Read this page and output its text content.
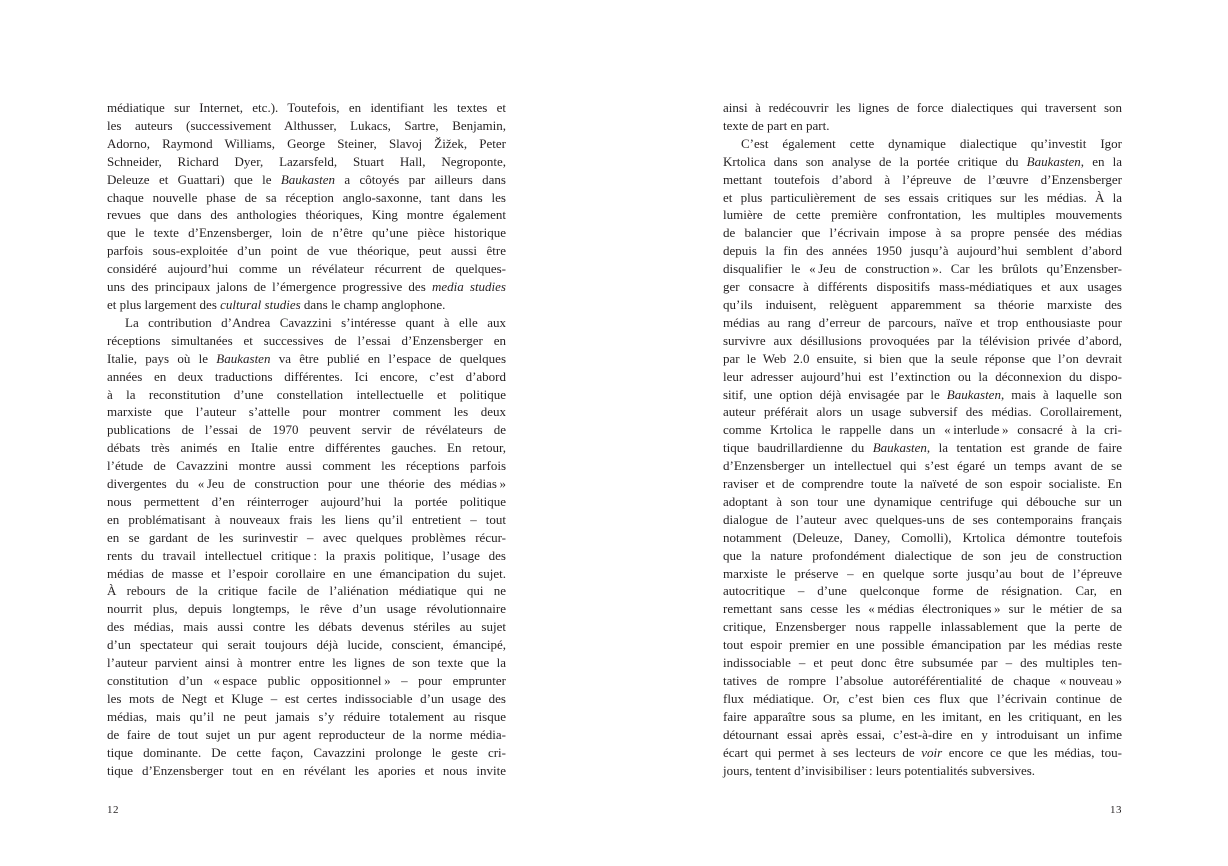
médiatique sur Internet, etc.). Toutefois, en identifiant les textes et
les auteurs (successivement Althusser, Lukacs, Sartre, Benjamin,
Adorno, Raymond Williams, George Steiner, Slavoj Žižek, Peter
Schneider, Richard Dyer, Lazarsfeld, Stuart Hall, Negroponte,
Deleuze et Guattari) que le Baukasten a côtoyés par ailleurs dans
chaque nouvelle phase de sa réception anglo-saxonne, tant dans les
revues que dans des anthologies théoriques, King montre également
que le texte d’Enzensberger, loin de n’être qu’une pièce historique
parfois sous-exploitée d’un point de vue théorique, peut aussi être
considéré aujourd’hui comme un révélateur récurrent de quelques-
uns des principaux jalons de l’émergence progressive des media studies
et plus largement des cultural studies dans le champ anglophone.
La contribution d’Andrea Cavazzini s’intéresse quant à elle aux
réceptions simultanées et successives de l’essai d’Enzensberger en
Italie, pays où le Baukasten va être publié en l’espace de quelques
années en deux traductions différentes. Ici encore, c’est d’abord
à la reconstitution d’une constellation intellectuelle et politique
marxiste que l’auteur s’attelle pour montrer comment les deux
publications de l’essai de 1970 peuvent servir de révélateurs de
débats très animés en Italie entre différentes gauches. En retour,
l’étude de Cavazzini montre aussi comment les réceptions parfois
divergentes du « Jeu de construction pour une théorie des médias »
nous permettent d’en réinterroger aujourd’hui la portée politique
en problématisant à nouveaux frais les liens qu’il entretient – tout
en se gardant de les surinvestir – avec quelques problèmes récur-
rents du travail intellectuel critique : la praxis politique, l’usage des
médias de masse et l’espoir corollaire en une émancipation du sujet.
À rebours de la critique facile de l’aliénation médiatique qui ne
nourrit plus, depuis longtemps, le rêve d’un usage révolutionnaire
des médias, mais aussi contre les débats devenus stériles au sujet
d’un spectateur qui serait toujours déjà lucide, conscient, émancipé,
l’auteur parvient ainsi à montrer entre les lignes de son texte que la
constitution d’un « espace public oppositionnel » – pour emprunter
les mots de Negt et Kluge – est certes indissociable d’un usage des
médias, mais qu’il ne peut jamais s’y réduire totalement au risque
de faire de tout sujet un pur agent reproducteur de la norme média-
tique dominante. De cette façon, Cavazzini prolonge le geste cri-
tique d’Enzensberger tout en en révélant les apories et nous invite
12
ainsi à redécouvrir les lignes de force dialectiques qui traversent son
texte de part en part.
C’est également cette dynamique dialectique qu’investit Igor
Krtolica dans son analyse de la portée critique du Baukasten, en la
mettant toutefois d’abord à l’épreuve de l’œuvre d’Enzensberger
et plus particulièrement de ses essais critiques sur les médias. À la
lumière de cette première confrontation, les multiples mouvements
de balancier que l’écrivain impose à sa propre pensée des médias
depuis la fin des années 1950 jusqu’à aujourd’hui semblent d’abord
disqualifier le « Jeu de construction ». Car les brûlots qu’Enzensber-
ger consacre à différents dispositifs mass-médiatiques et aux usages
qu’ils induisent, relèguent apparemment sa théorie marxiste des
médias au rang d’erreur de parcours, naïve et trop enthousiaste pour
survivre aux désillusions provoquées par la télévision privée d’abord,
par le Web 2.0 ensuite, si bien que la seule réponse que l’on devrait
leur adresser aujourd’hui est l’extinction ou la déconnexion du dispo-
sitif, une option déjà envisagée par le Baukasten, mais à laquelle son
auteur préférait alors un usage subversif des médias. Corollairement,
comme Krtolica le rappelle dans un « interlude » consacré à la cri-
tique baudrillardienne du Baukasten, la tentation est grande de faire
d’Enzensberger un intellectuel qui s’est égaré un temps avant de se
raviser et de comprendre toute la naïveté de son espoir socialiste. En
adoptant à son tour une dynamique centrifuge qui débouche sur un
dialogue de l’auteur avec quelques-uns de ses contemporains français
notamment (Deleuze, Daney, Comolli), Krtolica démontre toutefois
que la nature profondément dialectique de son jeu de construction
marxiste le préserve – en quelque sorte jusqu’au bout de l’épreuve
autocritique – d’une quelconque forme de résignation. Car, en
remettant sans cesse les « médias électroniques » sur le métier de sa
critique, Enzensberger nous rappelle inlassablement que la perte de
tout espoir premier en une possible émancipation par les médias reste
indissociable – et peut donc être subsumée par – des multiples ten-
tatives de rompre l’absolue autoréférentialité de chaque « nouveau »
flux médiatique. Or, c’est bien ces flux que l’écrivain continue de
faire apparaître sous sa plume, en les imitant, en les critiquant, en les
détournant essai après essai, c’est-à-dire en y introduisant un infime
écart qui permet à ses lecteurs de voir encore ce que les médias, tou-
jours, tentent d’invisibiliser : leurs potentialités subversives.
13
